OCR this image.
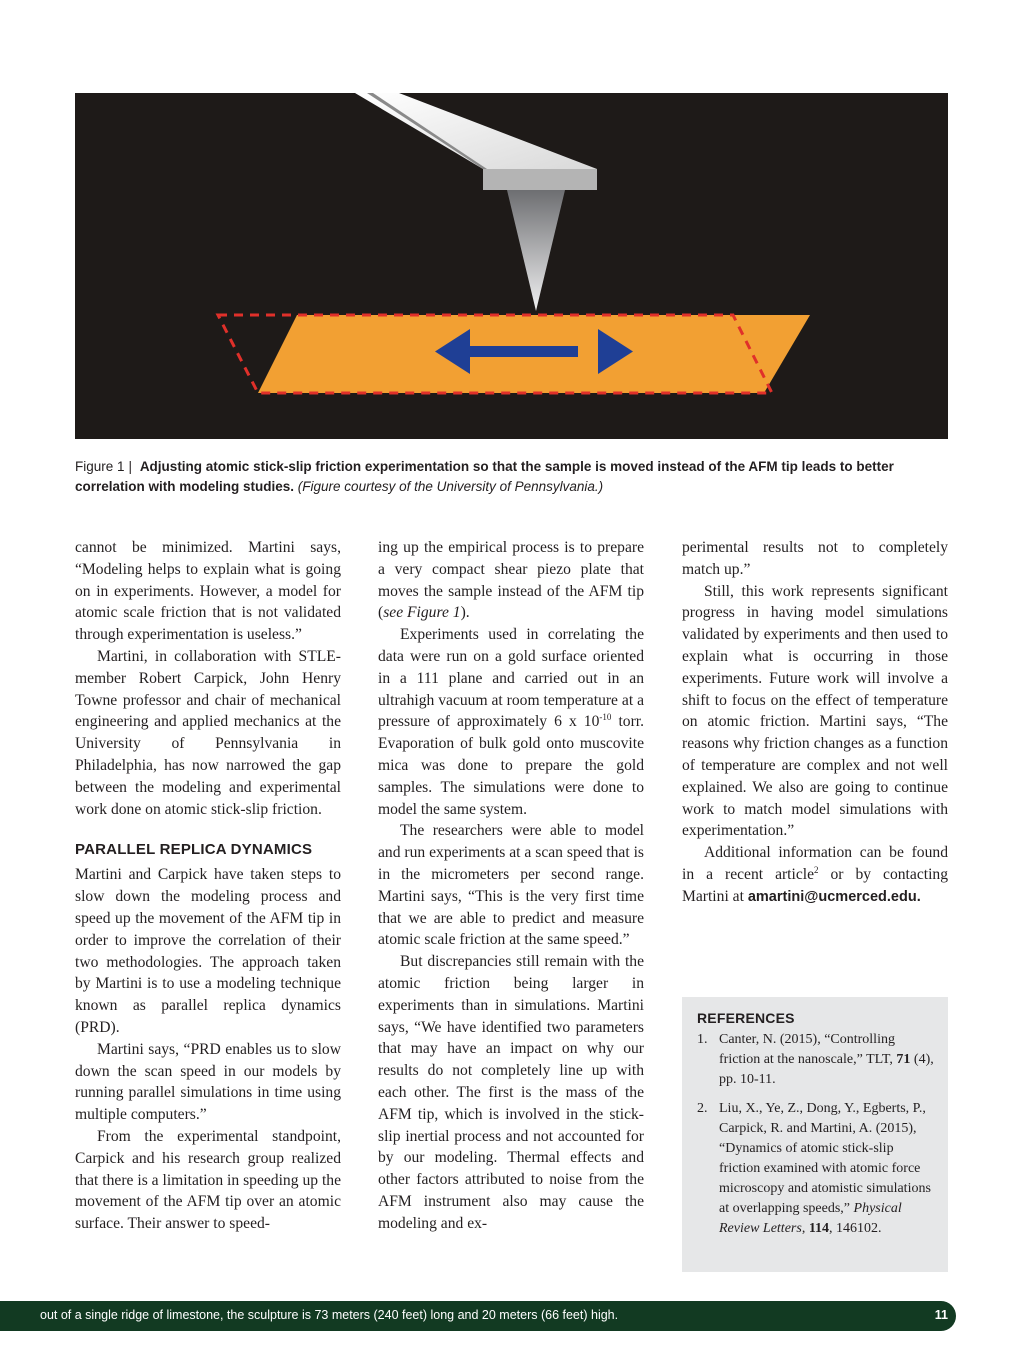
Figure 1 | Adjusting atomic stick-slip friction experimentation so that the sample is moved instead of the AFM tip leads to better correlation with modeling studies. (Figure courtesy of the University of Pennsylvania.)

cannot be minimized. Martini says, “Modeling helps to explain what is going on in experiments. However, a model for atomic scale friction that is not validated through experimentation is useless.”

Martini, in collaboration with STLE-member Robert Carpick, John Henry Towne professor and chair of mechanical engineering and applied mechanics at the University of Pennsylvania in Philadelphia, has now narrowed the gap between the modeling and experimental work done on atomic stick-slip friction.

PARALLEL REPLICA DYNAMICS

Martini and Carpick have taken steps to slow down the modeling process and speed up the movement of the AFM tip in order to improve the correlation of their two methodologies. The approach taken by Martini is to use a modeling technique known as parallel replica dynamics (PRD).

Martini says, “PRD enables us to slow down the scan speed in our models by running parallel simulations in time using multiple computers.”

From the experimental standpoint, Carpick and his research group realized that there is a limitation in speeding up the movement of the AFM tip over an atomic surface. Their answer to speed-

ing up the empirical process is to prepare a very compact shear piezo plate that moves the sample instead of the AFM tip (see Figure 1).

Experiments used in correlating the data were run on a gold surface oriented in a 111 plane and carried out in an ultrahigh vacuum at room temperature at a pressure of approximately 6 x $10^{-10}$ torr. Evaporation of bulk gold onto muscovite mica was done to prepare the gold samples. The simulations were done to model the same system.

The researchers were able to model and run experiments at a scan speed that is in the micrometers per second range. Martini says, “This is the very first time that we are able to predict and measure atomic scale friction at the same speed.”

But discrepancies still remain with the atomic friction being larger in experiments than in simulations. Martini says, “We have identified two parameters that may have an impact on why our results do not completely line up with each other. The first is the mass of the AFM tip, which is involved in the stick-slip inertial process and not accounted for by our modeling. Thermal effects and other factors attributed to noise from the AFM instrument also may cause the modeling and ex-

perimental results not to completely match up.”

Still, this work represents significant progress in having model simulations validated by experiments and then used to explain what is occurring in those experiments. Future work will involve a shift to focus on the effect of temperature on atomic friction. Martini says, “The reasons why friction changes as a function of temperature are complex and not well explained. We also are going to continue work to match model simulations with experimentation.”

Additional information can be found in a recent article$^2$ or by contacting Martini at amartini@ucmerced.edu.

REFERENCES
1. Canter, N. (2015), “Controlling friction at the nanoscale,” TLT, 71 (4), pp. 10-11.
2. Liu, X., Ye, Z., Dong, Y., Egberts, P., Carpick, R. and Martini, A. (2015), “Dynamics of atomic stick-slip friction examined with atomic force microscopy and atomistic simulations at overlapping speeds,” Physical Review Letters, 114, 146102.
out of a single ridge of limestone, the sculpture is 73 meters (240 feet) long and 20 meters (66 feet) high.	11
